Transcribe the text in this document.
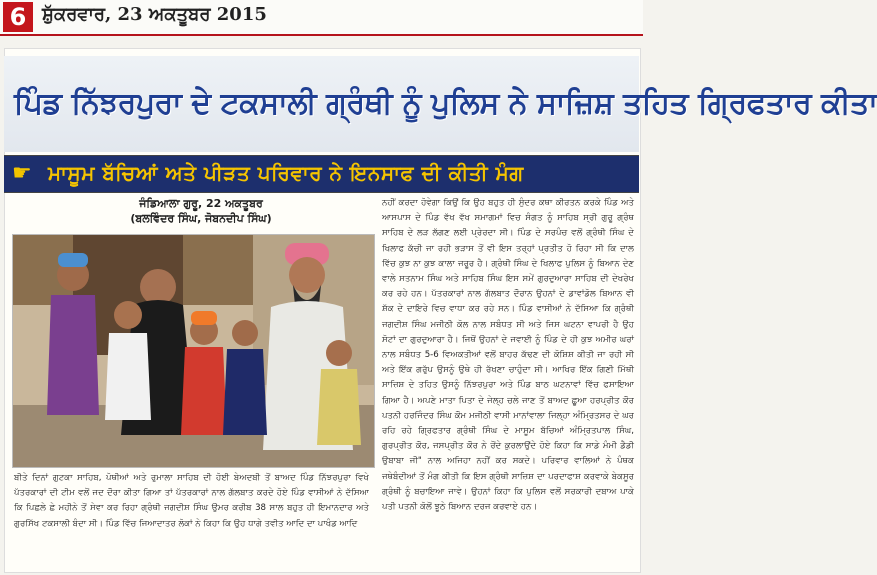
6 ਸ਼ੁੱਕਰਵਾਰ, 23 ਅਕਤੂਬਰ 2015
ਪਿੰਡ ਨਿੱਝਰਪੁਰਾ ਦੇ ਟਕਸਾਲੀ ਗ੍ਰੰਥੀ ਨੂੰ ਪੁਲਿਸ ਨੇ ਸਾਜ਼ਿਸ਼ ਤਹਿਤ ਗ੍ਰਿਫਤਾਰ ਕੀਤਾ
☛ ਮਾਸੂਮ ਬੱਚਿਆਂ ਅਤੇ ਪੀੜਤ ਪਰਿਵਾਰ ਨੇ ਇਨਸਾਫ ਦੀ ਕੀਤੀ ਮੰਗ
ਜੰਡਿਆਲਾ ਗੁਰੂ, 22 ਅਕਤੂਬਰ
(ਬਲਵਿੰਦਰ ਸਿੰਘ, ਜੋਬਨਦੀਪ ਸਿੰਘ)

ਬੀਤੇ ਦਿਨਾਂ ਗੁਟਕਾ ਸਾਹਿਬ, ਪੋਥੀਆਂ ਅਤੇ ਰੁਮਾਲਾ ਸਾਹਿਬ ਦੀ ਹੋਈ ਬੇਅਦਬੀ ਤੋਂ ਬਾਅਦ ਪਿੰਡ ਨਿੱਝਰਪੁਰਾ ਵਿਖੇ ਪੱਤਰਕਾਰਾਂ ਦੀ ਟੀਮ ਵਲੋਂ ਜਦ ਦੌਰਾ ਕੀਤਾ ਗਿਆ ਤਾਂ ਪੱਤਰਕਾਰਾਂ ਨਾਲ ਗੱਲਬਾਤ ਕਰਦੇ ਹੋਏ ਪਿੰਡ ਵਾਸੀਆਂ ਨੇ ਦੱਸਿਆ ਕਿ ਪਿਛਲੇ ਛੇ ਮਹੀਨੇ ਤੋਂ ਸੇਵਾ ਕਰ ਰਿਹਾ ਗ੍ਰੰਥੀ ਜਗਦੀਸ਼ ਸਿੰਘ ਉਮਰ ਕਰੀਬ 38 ਸਾਲ ਬਹੁਤ ਹੀ ਇਮਾਨਦਾਰ ਅਤੇ ਗੁਰਸਿੱਖ ਟਕਸਾਲੀ ਬੰਦਾ ਸੀ। ਪਿੰਡ ਵਿੱਚ ਜਿਆਦਾਤਰ ਲੋਕਾਂ ਨੇ ਕਿਹਾ ਕਿ ਉਹ ਧਾਗੇ ਤਵੀਤ ਆਦਿ ਦਾ ਪਾਖੰਡ ਆਦਿ

ਨਹੀਂ ਕਰਦਾ ਹੋਵੇਗਾ ਕਿਉਂ ਕਿ ਉਹ ਬਹੁਤ ਹੀ ਸੁੰਦਰ ਕਥਾ ਕੀਰਤਨ ਕਰਕੇ ਪਿੰਡ ਅਤੇ ਆਸਪਾਸ ਦੇ ਪਿੰਡ ਵੱਖ ਵੱਖ ਸਮਾਗਮਾਂ ਵਿਚ ਸੰਗਤ ਨੂੰ ਸਾਹਿਬ ਸ੍ਰੀ ਗੁਰੂ ਗ੍ਰੰਥ ਸਾਹਿਬ ਦੇ ਲੜ ਲੱਗਣ ਲਈ ਪ੍ਰੇਰਦਾ ਸੀ। ਪਿੰਡ ਦੇ ਸਰਪੰਚ ਵਲੋਂ ਗ੍ਰੰਥੀ ਸਿੰਘ ਦੇ ਖਿਲਾਫ ਕੱਚੀ ਜਾ ਰਹੀ ਭੜਾਸ ਤੋਂ ਵੀ ਇਸ ਤਰ੍ਹਾਂ ਪ੍ਰਤੀਤ ਹੋ ਰਿਹਾ ਸੀ ਕਿ ਦਾਲ ਵਿੱਚ ਕੁਝ ਨਾ ਕੁਝ ਕਾਲਾ ਜਰੂਰ ਹੈ। ਗ੍ਰੰਥੀ ਸਿੰਘ ਦੇ ਖਿਲਾਫ ਪੁਲਿਸ ਨੂੰ ਬਿਆਨ ਦੇਣ ਵਾਲੇ ਸਤਨਾਮ ਸਿੰਘ ਅਤੇ ਸਾਹਿਬ ਸਿੰਘ ਇਸ ਸਮੇਂ ਗੁਰਦੁਆਰਾ ਸਾਹਿਬ ਦੀ ਦੇਖਰੇਖ ਕਰ ਰਹੇ ਹਨ। ਪੱਤਰਕਾਰਾਂ ਨਾਲ ਗੱਲਬਾਤ ਦੌਰਾਨ ਉਹਨਾਂ ਦੇ ਡਾਵਾਂਡੋਲ ਬਿਆਨ ਵੀ ਸ਼ੱਕ ਦੇ ਦਾਇਰੇ ਵਿਚ ਵਾਧਾ ਕਰ ਰਹੇ ਸਨ। ਪਿੰਡ ਵਾਸੀਆਂ ਨੇ ਦੱਸਿਆ ਕਿ ਗ੍ਰੰਥੀ ਜਗਦੀਸ਼ ਸਿੰਘ ਮਜੀਠੀ ਕੋਲ ਨਾਲ ਸਬੰਧਤ ਸੀ ਅਤੇ ਜਿਸ ਘਟਨਾ ਵਾਪਰੀ ਹੈ ਉਹ ਸੋਟਾਂ ਦਾ ਗੁਰਦੁਆਰਾ ਹੈ। ਜਿਥੋਂ ਉਹਨਾਂ ਦੇ ਜਵਾਈ ਨੂੰ ਪਿੰਡ ਦੇ ਹੀ ਕੁਝ ਅਮੀਰ ਘਰਾਂ ਨਾਲ ਸਬੰਧਤ 5-6 ਵਿਅਕਤੀਆਂ ਵਲੋਂ ਬਾਹਰ ਕੱਢਣ ਦੀ ਕੋਸ਼ਿਸ਼ ਕੀਤੀ ਜਾ ਰਹੀ ਸੀ ਅਤੇ ਇੱਕ ਗਰੁੱਪ ਉਸਨੂੰ ਉਥੇ ਹੀ ਰੱਖਣਾ ਚਾਹੁੰਦਾ ਸੀ। ਆਖਿਰ ਇੱਕ ਗਿਣੀ ਮਿੱਥੀ ਸਾਜ਼ਿਸ਼ ਦੇ ਤਹਿਤ ਉਸਨੂੰ ਨਿੱਝਰਪੁਰਾ ਅਤੇ ਪਿੰਡ ਬਾਠ ਘਟਨਾਵਾਂ ਵਿੱਚ ਫਸਾਇਆ ਗਿਆ ਹੈ। ਅਪਣੇ ਮਾਤਾ ਪਿਤਾ ਦੇ ਜੇਲ੍ਹ ਚਲੇ ਜਾਣ ਤੋਂ ਬਾਅਦ ਛੂਆ ਹਰਪ੍ਰੀਤ ਕੌਰ ਪਤਨੀ ਹਰਜਿੰਦਰ ਸਿੰਘ ਕੌਮ ਮਜੀਠੀ ਵਾਸੀ ਮਾਨਾਂਵਾਲਾ ਜਿਲ੍ਹਾ ਅੰਮ੍ਰਿਤਸਰ ਦੇ ਘਰ ਰਹਿ ਰਹੇ ਗ੍ਰਿਫਤਾਰ ਗ੍ਰੰਥੀ ਸਿੰਘ ਦੇ ਮਾਸੂਮ ਬੱਚਿਆਂ ਅੰਮ੍ਰਿਤਪਾਲ ਸਿੰਘ, ਗੁਰਪ੍ਰੀਤ ਕੌਰ, ਜਸਪ੍ਰੀਤ ਕੌਰ ਨੇ ਰੋਂਦੇ ਕੁਰਲਾਉਂਦੇ ਹੋਏ ਕਿਹਾ ਕਿ ਸਾਡੇ ਮੰਮੀ ਡੈਡੀ ਉਬਾਬਾ ਜੀ" ਨਾਲ ਅਜਿਹਾ ਨਹੀਂ ਕਰ ਸਕਦੇ। ਪਰਿਵਾਰ ਵਾਲਿਆਂ ਨੇ ਪੰਥਕ ਜਥੇਬੰਦੀਆਂ ਤੋਂ ਮੰਗ ਕੀਤੀ ਕਿ ਇਸ ਗ੍ਰੰਥੀ ਸਾਜ਼ਿਸ਼ ਦਾ ਪਰਦਾਫਾਸ਼ ਕਰਵਾਕੇ ਬੇਕਸੂਰ ਗ੍ਰੰਥੀ ਨੂੰ ਬਚਾਇਆ ਜਾਵੇ। ਉਹਨਾਂ ਕਿਹਾ ਕਿ ਪੁਲਿਸ ਵਲੋਂ ਸਰਕਾਰੀ ਦਬਾਅ ਪਾਕੇ ਪਤੀ ਪਤਨੀ ਕੋਲੋਂ ਝੂਠੇ ਬਿਆਨ ਦਰਜ ਕਰਵਾਏ ਹਨ।
